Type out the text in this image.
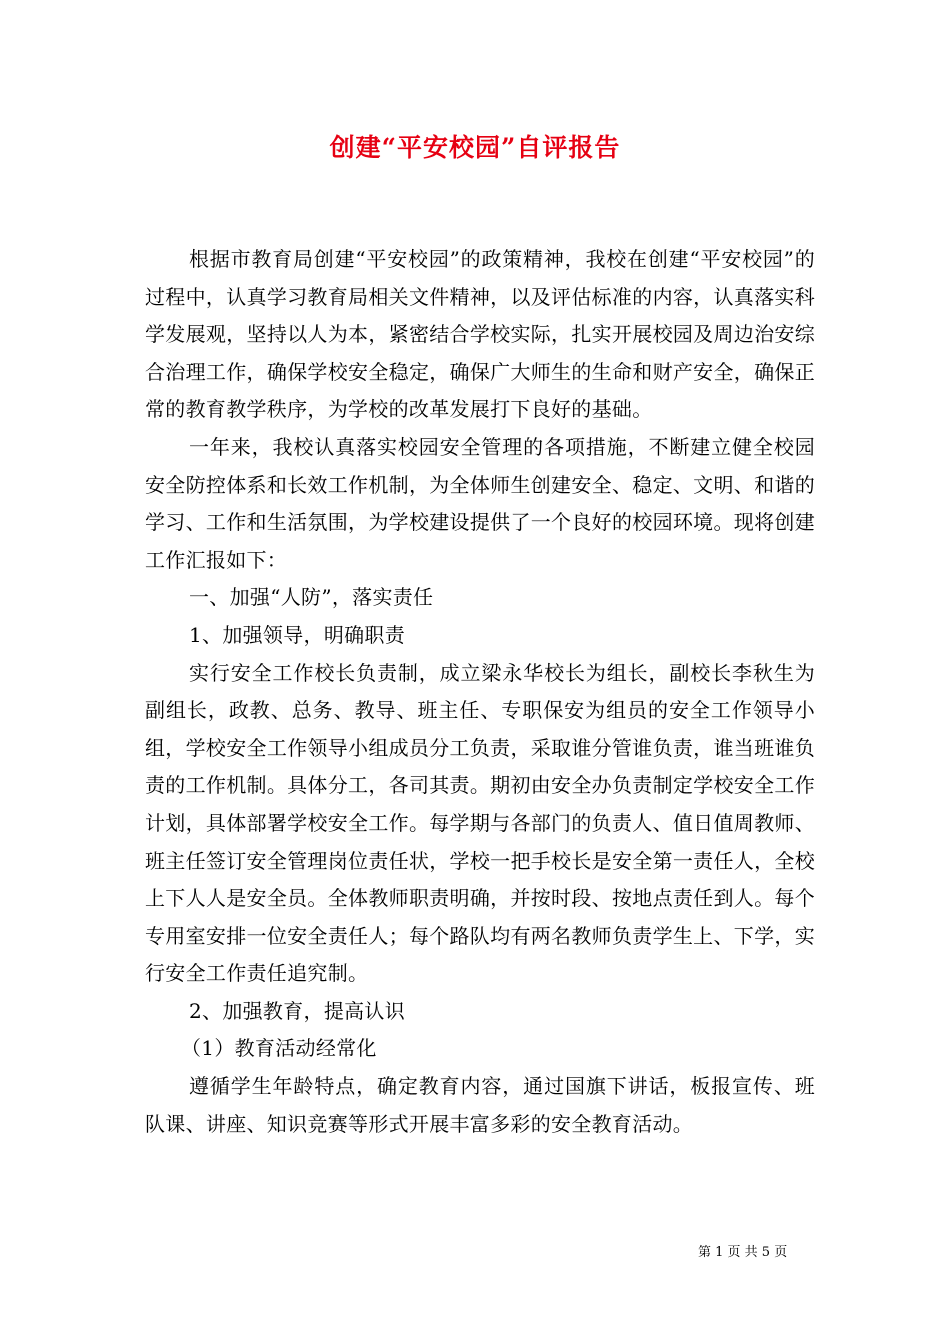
创建“平安校园”自评报告

根据市教育局创建“平安校园”的政策精神，我校在创建“平安校园”的过程中，认真学习教育局相关文件精神，以及评估标准的内容，认真落实科学发展观，坚持以人为本，紧密结合学校实际，扎实开展校园及周边治安综合治理工作，确保学校安全稳定，确保广大师生的生命和财产安全，确保正常的教育教学秩序，为学校的改革发展打下良好的基础。

一年来，我校认真落实校园安全管理的各项措施，不断建立健全校园安全防控体系和长效工作机制，为全体师生创建安全、稳定、文明、和谐的学习、工作和生活氛围，为学校建设提供了一个良好的校园环境。现将创建工作汇报如下：

一、加强“人防”，落实责任

1、加强领导，明确职责

实行安全工作校长负责制，成立梁永华校长为组长，副校长李秋生为副组长，政教、总务、教导、班主任、专职保安为组员的安全工作领导小组，学校安全工作领导小组成员分工负责，采取谁分管谁负责，谁当班谁负责的工作机制。具体分工，各司其责。期初由安全办负责制定学校安全工作计划，具体部署学校安全工作。每学期与各部门的负责人、值日值周教师、班主任签订安全管理岗位责任状，学校一把手校长是安全第一责任人，全校上下人人是安全员。全体教师职责明确，并按时段、按地点责任到人。每个专用室安排一位安全责任人；每个路队均有两名教师负责学生上、下学，实行安全工作责任追究制。

2、加强教育，提高认识

（1）教育活动经常化

遵循学生年龄特点，确定教育内容，通过国旗下讲话，板报宣传、班队课、讲座、知识竞赛等形式开展丰富多彩的安全教育活动。

第 1 页 共 5 页
